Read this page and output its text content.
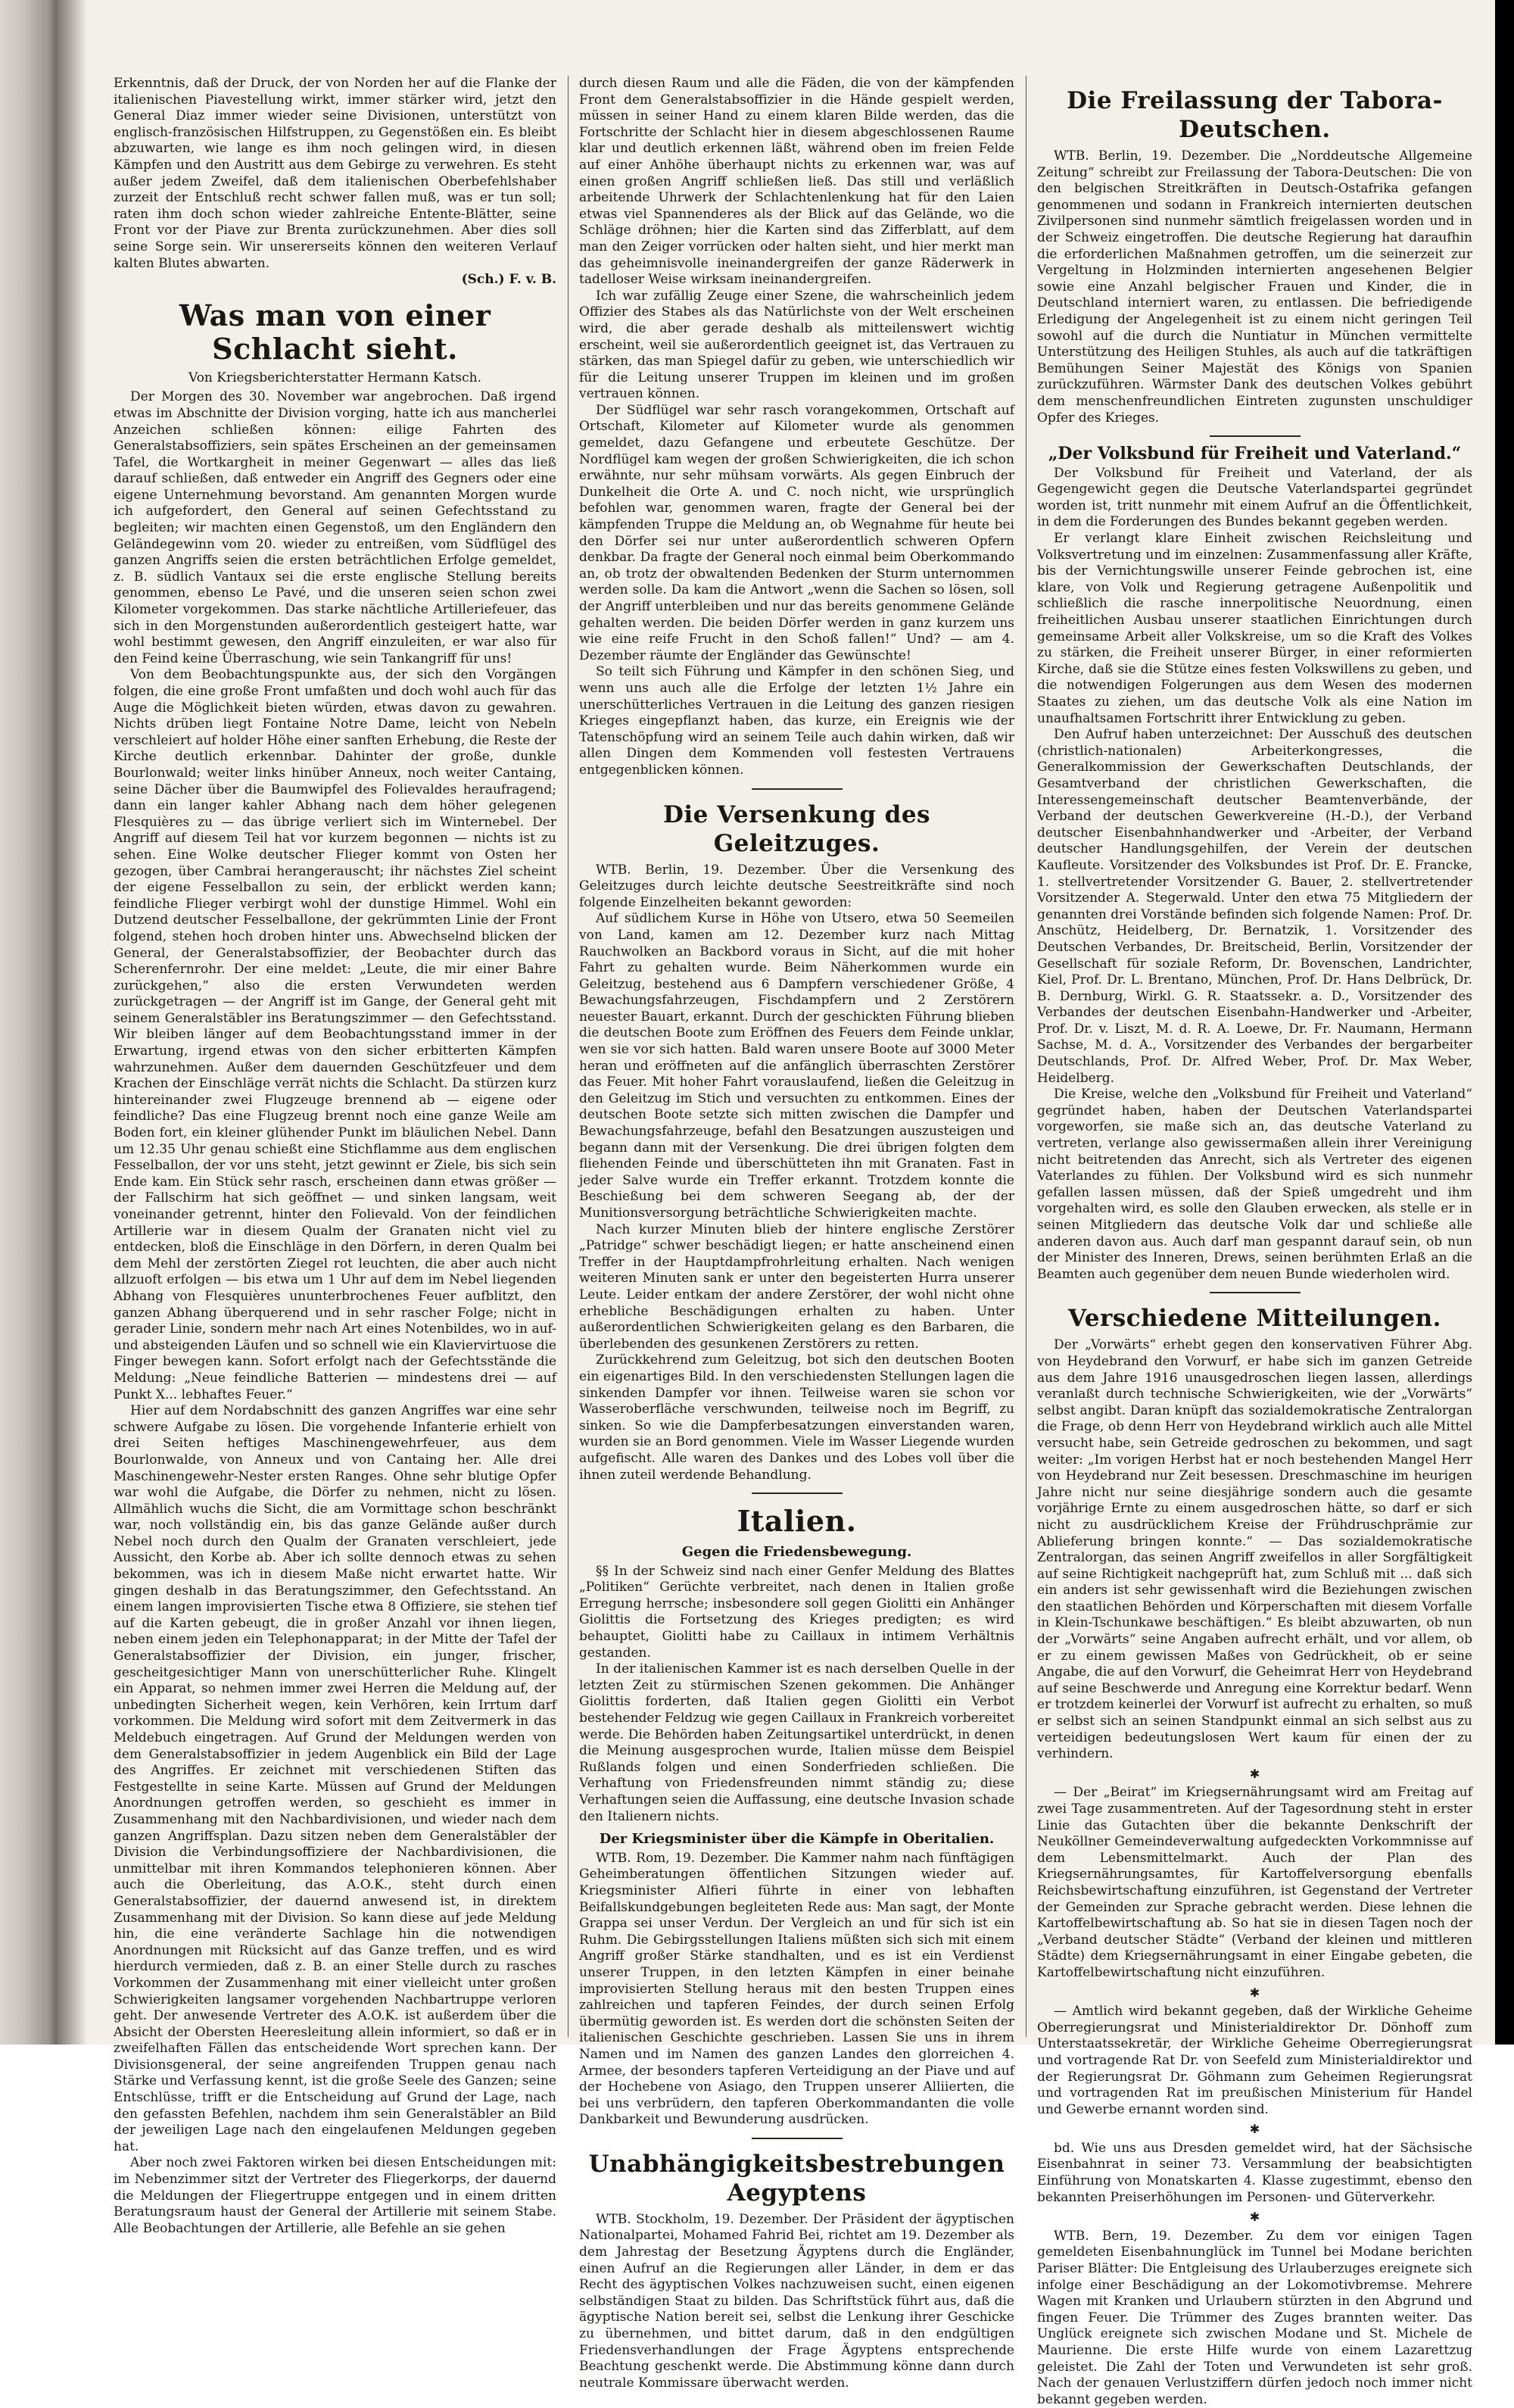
Erkenntnis, daß der Druck, der von Norden her auf die Flanke der italienischen Piavestellung wirkt, immer stärker wird, jetzt den General Diaz immer wieder seine Divisionen, unterstützt von englisch-französischen Hilfstruppen, zu Gegenstößen ein. Es bleibt abzuwarten, wie lange es ihm noch gelingen wird, in diesen Kämpfen und den Austritt aus dem Gebirge zu verwehren. Es steht außer jedem Zweifel, daß dem italienischen Oberbefehlshaber zurzeit der Entschluß recht schwer fallen muß, was er tun soll; raten ihm doch schon wieder zahlreiche Entente-Blätter, seine Front vor der Piave zur Brenta zurückzunehmen. Aber dies soll seine Sorge sein. Wir unsererseits können den weiteren Verlauf kalten Blutes abwarten.

(Sch.) F. v. B.
Was man von einer Schlacht sieht.
Von Kriegsberichterstatter Hermann Katsch.

Der Morgen des 30. November war angebrochen. Daß irgend etwas im Abschnitte der Division vorging, hatte ich aus mancherlei Anzeichen schließen können: eilige Fahrten des Generalstabsoffiziers, sein spätes Erscheinen an der gemeinsamen Tafel, die Wortkargheit in meiner Gegenwart — alles das ließ darauf schließen, daß entweder ein Angriff des Gegners oder eine eigene Unternehmung bevorstand. Am genannten Morgen wurde ich aufgefordert, den General auf seinen Gefechtsstand zu begleiten; wir machten einen Gegenstoß, um den Engländern den Geländegewinn vom 20. wieder zu entreißen, vom Südflügel des ganzen Angriffs seien die ersten beträchtlichen Erfolge gemeldet, z. B. südlich Vantaux sei die erste englische Stellung bereits genommen, ebenso Le Pavé, und die unseren seien schon zwei Kilometer vorgekommen. Das starke nächtliche Artilleriefeuer, das sich in den Morgenstunden außerordentlich gesteigert hatte, war wohl bestimmt gewesen, den Angriff einzuleiten, er war also für den Feind keine Überraschung, wie sein Tankangriff für uns!

Von dem Beobachtungspunkte aus, der sich den Vorgängen folgen, die eine große Front umfaßten und doch wohl auch für das Auge die Möglichkeit bieten würden, etwas davon zu gewahren. Nichts drüben liegt Fontaine Notre Dame, leicht von Nebeln verschleiert auf holder Höhe einer sanften Erhebung, die Reste der Kirche deutlich erkennbar. Dahinter der große, dunkle Bourlonwald; weiter links hinüber Anneux, noch weiter Cantaing, seine Dächer über die Baumwipfel des Folievaldes heraufragend; dann ein langer kahler Abhang nach dem höher gelegenen Flesquières zu — das übrige verliert sich im Winternebel. Der Angriff auf diesem Teil hat vor kurzem begonnen — nichts ist zu sehen. Eine Wolke deutscher Flieger kommt von Osten her gezogen, über Cambrai herangerauscht; ihr nächstes Ziel scheint der eigene Fesselballon zu sein, der erblickt werden kann; feindliche Flieger verbirgt wohl der dunstige Himmel. Wohl ein Dutzend deutscher Fesselballone, der gekrümmten Linie der Front folgend, stehen hoch droben hinter uns. Abwechselnd blicken der General, der Generalstabsoffizier, der Beobachter durch das Scherenfernrohr. Der eine meldet: „Leute, die mir einer Bahre zurückgehen,“ also die ersten Verwundeten werden zurückgetragen — der Angriff ist im Gange, der General geht mit seinem Generalstäbler ins Beratungszimmer — den Gefechtsstand. Wir bleiben länger auf dem Beobachtungsstand immer in der Erwartung, irgend etwas von den sicher erbitterten Kämpfen wahrzunehmen. Außer dem dauernden Geschützfeuer und dem Krachen der Einschläge verrät nichts die Schlacht. Da stürzen kurz hintereinander zwei Flugzeuge brennend ab — eigene oder feindliche? Das eine Flugzeug brennt noch eine ganze Weile am Boden fort, ein kleiner glühender Punkt im bläulichen Nebel. Dann um 12.35 Uhr genau schießt eine Stichflamme aus dem englischen Fesselballon, der vor uns steht, jetzt gewinnt er Ziele, bis sich sein Ende kam. Ein Stück sehr rasch, erscheinen dann etwas größer — der Fallschirm hat sich geöffnet — und sinken langsam, weit voneinander getrennt, hinter den Folievald. Von der feindlichen Artillerie war in diesem Qualm der Granaten nicht viel zu entdecken, bloß die Einschläge in den Dörfern, in deren Qualm bei dem Mehl der zerstörten Ziegel rot leuchten, die aber auch nicht allzuoft erfolgen — bis etwa um 1 Uhr auf dem im Nebel liegenden Abhang von Flesquières ununterbrochenes Feuer aufblitzt, den ganzen Abhang überquerend und in sehr rascher Folge; nicht in gerader Linie, sondern mehr nach Art eines Notenbildes, wo in auf- und absteigenden Läufen und so schnell wie ein Klaviervirtuose die Finger bewegen kann. Sofort erfolgt nach der Gefechtsstände die Meldung: „Neue feindliche Batterien — mindestens drei — auf Punkt X... lebhaftes Feuer.“

Hier auf dem Nordabschnitt des ganzen Angriffes war eine sehr schwere Aufgabe zu lösen. Die vorgehende Infanterie erhielt von drei Seiten heftiges Maschinengewehrfeuer, aus dem Bourlonwalde, von Anneux und von Cantaing her. Alle drei Maschinengewehr-Nester ersten Ranges. Ohne sehr blutige Opfer war wohl die Aufgabe, die Dörfer zu nehmen, nicht zu lösen. Allmählich wuchs die Sicht, die am Vormittage schon beschränkt war, noch vollständig ein, bis das ganze Gelände außer durch Nebel noch durch den Qualm der Granaten verschleiert, jede Aussicht, den Korbe ab. Aber ich sollte dennoch etwas zu sehen bekommen, was ich in diesem Maße nicht erwartet hatte. Wir gingen deshalb in das Beratungszimmer, den Gefechtsstand. An einem langen improvisierten Tische etwa 8 Offiziere, sie stehen tief auf die Karten gebeugt, die in großer Anzahl vor ihnen liegen, neben einem jeden ein Telephonapparat; in der Mitte der Tafel der Generalstabsoffizier der Division, ein junger, frischer, gescheitgesichtiger Mann von unerschütterlicher Ruhe. Klingelt ein Apparat, so nehmen immer zwei Herren die Meldung auf, der unbedingten Sicherheit wegen, kein Verhören, kein Irrtum darf vorkommen. Die Meldung wird sofort mit dem Zeitvermerk in das Meldebuch eingetragen. Auf Grund der Meldungen werden von dem Generalstabsoffizier in jedem Augenblick ein Bild der Lage des Angriffes. Er zeichnet mit verschiedenen Stiften das Festgestellte in seine Karte. Müssen auf Grund der Meldungen Anordnungen getroffen werden, so geschieht es immer in Zusammenhang mit den Nachbardivisionen, und wieder nach dem ganzen Angriffsplan. Dazu sitzen neben dem Generalstäbler der Division die Verbindungsoffiziere der Nachbardivisionen, die unmittelbar mit ihren Kommandos telephonieren können. Aber auch die Oberleitung, das A.O.K., steht durch einen Generalstabsoffizier, der dauernd anwesend ist, in direktem Zusammenhang mit der Division. So kann diese auf jede Meldung hin, die eine veränderte Sachlage hin die notwendigen Anordnungen mit Rücksicht auf das Ganze treffen, und es wird hierdurch vermieden, daß z. B. an einer Stelle durch zu rasches Vorkommen der Zusammenhang mit einer vielleicht unter großen Schwierigkeiten langsamer vorgehenden Nachbartruppe verloren geht. Der anwesende Vertreter des A.O.K. ist außerdem über die Absicht der Obersten Heeresleitung allein informiert, so daß er in zweifelhaften Fällen das entscheidende Wort sprechen kann. Der Divisionsgeneral, der seine angreifenden Truppen genau nach Stärke und Verfassung kennt, ist die große Seele des Ganzen; seine Entschlüsse, trifft er die Entscheidung auf Grund der Lage, nach den gefassten Befehlen, nachdem ihm sein Generalstäbler an Bild der jeweiligen Lage nach den eingelaufenen Meldungen gegeben hat.

Aber noch zwei Faktoren wirken bei diesen Entscheidungen mit: im Nebenzimmer sitzt der Vertreter des Fliegerkorps, der dauernd die Meldungen der Fliegertruppe entgegen und in einem dritten Beratungsraum haust der General der Artillerie mit seinem Stabe. Alle Beobachtungen der Artillerie, alle Befehle an sie gehen

durch diesen Raum und alle die Fäden, die von der kämpfenden Front dem Generalstabsoffizier in die Hände gespielt werden, müssen in seiner Hand zu einem klaren Bilde werden, das die Fortschritte der Schlacht hier in diesem abgeschlossenen Raume klar und deutlich erkennen läßt, während oben im freien Felde auf einer Anhöhe überhaupt nichts zu erkennen war, was auf einen großen Angriff schließen ließ. Das still und verläßlich arbeitende Uhrwerk der Schlachtenlenkung hat für den Laien etwas viel Spannenderes als der Blick auf das Gelände, wo die Schläge dröhnen; hier die Karten sind das Zifferblatt, auf dem man den Zeiger vorrücken oder halten sieht, und hier merkt man das geheimnisvolle ineinandergreifen der ganze Räderwerk in tadelloser Weise wirksam ineinandergreifen.

Ich war zufällig Zeuge einer Szene, die wahrscheinlich jedem Offizier des Stabes als das Natürlichste von der Welt erscheinen wird, die aber gerade deshalb als mitteilenswert wichtig erscheint, weil sie außerordentlich geeignet ist, das Vertrauen zu stärken, das man Spiegel dafür zu geben, wie unterschiedlich wir für die Leitung unserer Truppen im kleinen und im großen vertrauen können.

Der Südflügel war sehr rasch vorangekommen, Ortschaft auf Ortschaft, Kilometer auf Kilometer wurde als genommen gemeldet, dazu Gefangene und erbeutete Geschütze. Der Nordflügel kam wegen der großen Schwierigkeiten, die ich schon erwähnte, nur sehr mühsam vorwärts. Als gegen Einbruch der Dunkelheit die Orte A. und C. noch nicht, wie ursprünglich befohlen war, genommen waren, fragte der General bei der kämpfenden Truppe die Meldung an, ob Wegnahme für heute bei den Dörfer sei nur unter außerordentlich schweren Opfern denkbar. Da fragte der General noch einmal beim Oberkommando an, ob trotz der obwaltenden Bedenken der Sturm unternommen werden solle. Da kam die Antwort „wenn die Sachen so lösen, soll der Angriff unterbleiben und nur das bereits genommene Gelände gehalten werden. Die beiden Dörfer werden in ganz kurzem uns wie eine reife Frucht in den Schoß fallen!“ Und? — am 4. Dezember räumte der Engländer das Gewünschte!

So teilt sich Führung und Kämpfer in den schönen Sieg, und wenn uns auch alle die Erfolge der letzten 1½ Jahre ein unerschütterliches Vertrauen in die Leitung des ganzen riesigen Krieges eingepflanzt haben, das kurze, ein Ereignis wie der Tatenschöpfung wird an seinem Teile auch dahin wirken, daß wir allen Dingen dem Kommenden voll festesten Vertrauens entgegenblicken können.

Die Versenkung des Geleitzuges.

WTB. Berlin, 19. Dezember. Über die Versenkung des Geleitzuges durch leichte deutsche Seestreitkräfte sind noch folgende Einzelheiten bekannt geworden:

Auf südlichem Kurse in Höhe von Utsero, etwa 50 Seemeilen von Land, kamen am 12. Dezember kurz nach Mittag Rauchwolken an Backbord voraus in Sicht, auf die mit hoher Fahrt zu gehalten wurde. Beim Näherkommen wurde ein Geleitzug, bestehend aus 6 Dampfern verschiedener Größe, 4 Bewachungsfahrzeugen, Fischdampfern und 2 Zerstörern neuester Bauart, erkannt. Durch der geschickten Führung blieben die deutschen Boote zum Eröffnen des Feuers dem Feinde unklar, wen sie vor sich hatten. Bald waren unsere Boote auf 3000 Meter heran und eröffneten auf die anfänglich überraschten Zerstörer das Feuer. Mit hoher Fahrt vorauslaufend, ließen die Geleitzug in den Geleitzug im Stich und versuchten zu entkommen. Eines der deutschen Boote setzte sich mitten zwischen die Dampfer und Bewachungsfahrzeuge, befahl den Besatzungen auszusteigen und begann dann mit der Versenkung. Die drei übrigen folgten dem fliehenden Feinde und überschütteten ihn mit Granaten. Fast in jeder Salve wurde ein Treffer erkannt. Trotzdem konnte die Beschießung bei dem schweren Seegang ab, der der Munitionsversorgung beträchtliche Schwierigkeiten machte.

Nach kurzer Minuten blieb der hintere englische Zerstörer „Patridge“ schwer beschädigt liegen; er hatte anscheinend einen Treffer in der Hauptdampfrohrleitung erhalten. Nach wenigen weiteren Minuten sank er unter den begeisterten Hurra unserer Leute. Leider entkam der andere Zerstörer, der wohl nicht ohne erhebliche Beschädigungen erhalten zu haben. Unter außerordentlichen Schwierigkeiten gelang es den Barbaren, die überlebenden des gesunkenen Zerstörers zu retten.

Zurückkehrend zum Geleitzug, bot sich den deutschen Booten ein eigenartiges Bild. In den verschiedensten Stellungen lagen die sinkenden Dampfer vor ihnen. Teilweise waren sie schon vor Wasseroberfläche verschwunden, teilweise noch im Begriff, zu sinken. So wie die Dampferbesatzungen einverstanden waren, wurden sie an Bord genommen. Viele im Wasser Liegende wurden aufgefischt. Alle waren des Dankes und des Lobes voll über die ihnen zuteil werdende Behandlung.

Italien.
Gegen die Friedensbewegung.

§§ In der Schweiz sind nach einer Genfer Meldung des Blattes „Politiken“ Gerüchte verbreitet, nach denen in Italien große Erregung herrsche; insbesondere soll gegen Giolitti ein Anhänger Giolittis die Fortsetzung des Krieges predigten; es wird behauptet, Giolitti habe zu Caillaux in intimem Verhältnis gestanden.

In der italienischen Kammer ist es nach derselben Quelle in der letzten Zeit zu stürmischen Szenen gekommen. Die Anhänger Giolittis forderten, daß Italien gegen Giolitti ein Verbot bestehender Feldzug wie gegen Caillaux in Frankreich vorbereitet werde. Die Behörden haben Zeitungsartikel unterdrückt, in denen die Meinung ausgesprochen wurde, Italien müsse dem Beispiel Rußlands folgen und einen Sonderfrieden schließen. Die Verhaftung von Friedensfreunden nimmt ständig zu; diese Verhaftungen seien die Auffassung, eine deutsche Invasion schade den Italienern nichts.

Der Kriegsminister über die Kämpfe in Oberitalien.

WTB. Rom, 19. Dezember. Die Kammer nahm nach fünftägigen Geheimberatungen öffentlichen Sitzungen wieder auf. Kriegsminister Alfieri führte in einer von lebhaften Beifallskundgebungen begleiteten Rede aus: Man sagt, der Monte Grappa sei unser Verdun. Der Vergleich an und für sich ist ein Ruhm. Die Gebirgsstellungen Italiens müßten sich sich mit einem Angriff großer Stärke standhalten, und es ist ein Verdienst unserer Truppen, in den letzten Kämpfen in einer beinahe improvisierten Stellung heraus mit den besten Truppen eines zahlreichen und tapferen Feindes, der durch seinen Erfolg übermütig geworden ist. Es werden dort die schönsten Seiten der italienischen Geschichte geschrieben. Lassen Sie uns in ihrem Namen und im Namen des ganzen Landes den glorreichen 4. Armee, der besonders tapferen Verteidigung an der Piave und auf der Hochebene von Asiago, den Truppen unserer Alliierten, die bei uns verbrüdern, den tapferen Oberkommandanten die volle Dankbarkeit und Bewunderung ausdrücken.

Unabhängigkeitsbestrebungen Aegyptens

WTB. Stockholm, 19. Dezember. Der Präsident der ägyptischen Nationalpartei, Mohamed Fahrid Bei, richtet am 19. Dezember als dem Jahrestag der Besetzung Ägyptens durch die Engländer, einen Aufruf an die Regierungen aller Länder, in dem er das Recht des ägyptischen Volkes nachzuweisen sucht, einen eigenen selbständigen Staat zu bilden. Das Schriftstück führt aus, daß die ägyptische Nation bereit sei, selbst die Lenkung ihrer Geschicke zu übernehmen, und bittet darum, daß in den endgültigen Friedensverhandlungen der Frage Ägyptens entsprechende Beachtung geschenkt werde. Die Abstimmung könne dann durch neutrale Kommissare überwacht werden.

Die Freilassung der Tabora-Deutschen.

WTB. Berlin, 19. Dezember. Die „Norddeutsche Allgemeine Zeitung“ schreibt zur Freilassung der Tabora-Deutschen: Die von den belgischen Streitkräften in Deutsch-Ostafrika gefangen genommenen und sodann in Frankreich internierten deutschen Zivilpersonen sind nunmehr sämtlich freigelassen worden und in der Schweiz eingetroffen. Die deutsche Regierung hat daraufhin die erforderlichen Maßnahmen getroffen, um die seinerzeit zur Vergeltung in Holzminden internierten angesehenen Belgier sowie eine Anzahl belgischer Frauen und Kinder, die in Deutschland interniert waren, zu entlassen. Die befriedigende Erledigung der Angelegenheit ist zu einem nicht geringen Teil sowohl auf die durch die Nuntiatur in München vermittelte Unterstützung des Heiligen Stuhles, als auch auf die tatkräftigen Bemühungen Seiner Majestät des Königs von Spanien zurückzuführen. Wärmster Dank des deutschen Volkes gebührt dem menschenfreundlichen Eintreten zugunsten unschuldiger Opfer des Krieges.

„Der Volksbund für Freiheit und Vaterland.“

Der Volksbund für Freiheit und Vaterland, der als Gegengewicht gegen die Deutsche Vaterlandspartei gegründet worden ist, tritt nunmehr mit einem Aufruf an die Öffentlichkeit, in dem die Forderungen des Bundes bekannt gegeben werden.

Er verlangt klare Einheit zwischen Reichsleitung und Volksvertretung und im einzelnen: Zusammenfassung aller Kräfte, bis der Vernichtungswille unserer Feinde gebrochen ist, eine klare, von Volk und Regierung getragene Außenpolitik und schließlich die rasche innerpolitische Neuordnung, einen freiheitlichen Ausbau unserer staatlichen Einrichtungen durch gemeinsame Arbeit aller Volkskreise, um so die Kraft des Volkes zu stärken, die Freiheit unserer Bürger, in einer reformierten Kirche, daß sie die Stütze eines festen Volkswillens zu geben, und die notwendigen Folgerungen aus dem Wesen des modernen Staates zu ziehen, um das deutsche Volk als eine Nation im unaufhaltsamen Fortschritt ihrer Entwicklung zu geben.

Den Aufruf haben unterzeichnet: Der Ausschuß des deutschen (christlich-nationalen) Arbeiterkongresses, die Generalkommission der Gewerkschaften Deutschlands, der Gesamtverband der christlichen Gewerkschaften, die Interessengemeinschaft deutscher Beamtenverbände, der Verband der deutschen Gewerkvereine (H.-D.), der Verband deutscher Eisenbahnhandwerker und -Arbeiter, der Verband deutscher Handlungsgehilfen, der Verein der deutschen Kaufleute. Vorsitzender des Volksbundes ist Prof. Dr. E. Francke, 1. stellvertretender Vorsitzender G. Bauer, 2. stellvertretender Vorsitzender A. Stegerwald. Unter den etwa 75 Mitgliedern der genannten drei Vorstände befinden sich folgende Namen: Prof. Dr. Anschütz, Heidelberg, Dr. Bernatzik, 1. Vorsitzender des Deutschen Verbandes, Dr. Breitscheid, Berlin, Vorsitzender der Gesellschaft für soziale Reform, Dr. Bovenschen, Landrichter, Kiel, Prof. Dr. L. Brentano, München, Prof. Dr. Hans Delbrück, Dr. B. Dernburg, Wirkl. G. R. Staatssekr. a. D., Vorsitzender des Verbandes der deutschen Eisenbahn-Handwerker und -Arbeiter, Prof. Dr. v. Liszt, M. d. R. A. Loewe, Dr. Fr. Naumann, Hermann Sachse, M. d. A., Vorsitzender des Verbandes der bergarbeiter Deutschlands, Prof. Dr. Alfred Weber, Prof. Dr. Max Weber, Heidelberg.

Die Kreise, welche den „Volksbund für Freiheit und Vaterland“ gegründet haben, haben der Deutschen Vaterlandspartei vorgeworfen, sie maße sich an, das deutsche Vaterland zu vertreten, verlange also gewissermaßen allein ihrer Vereinigung nicht beitretenden das Anrecht, sich als Vertreter des eigenen Vaterlandes zu fühlen. Der Volksbund wird es sich nunmehr gefallen lassen müssen, daß der Spieß umgedreht und ihm vorgehalten wird, es solle den Glauben erwecken, als stelle er in seinen Mitgliedern das deutsche Volk dar und schließe alle anderen davon aus. Auch darf man gespannt darauf sein, ob nun der Minister des Inneren, Drews, seinen berühmten Erlaß an die Beamten auch gegenüber dem neuen Bunde wiederholen wird.

Verschiedene Mitteilungen.

Der „Vorwärts“ erhebt gegen den konservativen Führer Abg. von Heydebrand den Vorwurf, er habe sich im ganzen Getreide aus dem Jahre 1916 unausgedroschen liegen lassen, allerdings veranlaßt durch technische Schwierigkeiten, wie der „Vorwärts“ selbst angibt. Daran knüpft das sozialdemokratische Zentralorgan die Frage, ob denn Herr von Heydebrand wirklich auch alle Mittel versucht habe, sein Getreide gedroschen zu bekommen, und sagt weiter: „Im vorigen Herbst hat er noch bestehenden Mangel Herr von Heydebrand nur Zeit besessen. Dreschmaschine im heurigen Jahre nicht nur seine diesjährige sondern auch die gesamte vorjährige Ernte zu einem ausgedroschen hätte, so darf er sich nicht zu ausdrücklichem Kreise der Frühdruschprämie zur Ablieferung bringen konnte.“ — Das sozialdemokratische Zentralorgan, das seinen Angriff zweifellos in aller Sorgfältigkeit auf seine Richtigkeit nachgeprüft hat, zum Schluß mit ... daß sich ein anders ist sehr gewissenhaft wird die Beziehungen zwischen den staatlichen Behörden und Körperschaften mit diesem Vorfalle in Klein-Tschunkawe beschäftigen.“ Es bleibt abzuwarten, ob nun der „Vorwärts“ seine Angaben aufrecht erhält, und vor allem, ob er zu einem gewissen Maßes von Gedrückheit, ob er seine Angabe, die auf den Vorwurf, die Geheimrat Herr von Heydebrand auf seine Beschwerde und Anregung eine Korrektur bedarf. Wenn er trotzdem keinerlei der Vorwurf ist aufrecht zu erhalten, so muß er selbst sich an seinen Standpunkt einmal an sich selbst aus zu verteidigen bedeutungslosen Wert kaum für einen der zu verhindern.

✱

— Der „Beirat“ im Kriegsernährungsamt wird am Freitag auf zwei Tage zusammentreten. Auf der Tagesordnung steht in erster Linie das Gutachten über die bekannte Denkschrift der Neuköllner Gemeindeverwaltung aufgedeckten Vorkommnisse auf dem Lebensmittelmarkt. Auch der Plan des Kriegsernährungsamtes, für Kartoffelversorgung ebenfalls Reichsbewirtschaftung einzuführen, ist Gegenstand der Vertreter der Gemeinden zur Sprache gebracht werden. Diese lehnen die Kartoffelbewirtschaftung ab. So hat sie in diesen Tagen noch der „Verband deutscher Städte“ (Verband der kleinen und mittleren Städte) dem Kriegsernährungsamt in einer Eingabe gebeten, die Kartoffelbewirtschaftung nicht einzuführen.

✱

— Amtlich wird bekannt gegeben, daß der Wirkliche Geheime Oberregierungsrat und Ministerialdirektor Dr. Dönhoff zum Unterstaatssekretär, der Wirkliche Geheime Oberregierungsrat und vortragende Rat Dr. von Seefeld zum Ministerialdirektor und der Regierungsrat Dr. Göhmann zum Geheimen Regierungsrat und vortragenden Rat im preußischen Ministerium für Handel und Gewerbe ernannt worden sind.

✱

bd. Wie uns aus Dresden gemeldet wird, hat der Sächsische Eisenbahnrat in seiner 73. Versammlung der beabsichtigten Einführung von Monatskarten 4. Klasse zugestimmt, ebenso den bekannten Preiserhöhungen im Personen- und Güterverkehr.

✱

WTB. Bern, 19. Dezember. Zu dem vor einigen Tagen gemeldeten Eisenbahnunglück im Tunnel bei Modane berichten Pariser Blätter: Die Entgleisung des Urlauberzuges ereignete sich infolge einer Beschädigung an der Lokomotivbremse. Mehrere Wagen mit Kranken und Urlaubern stürzten in den Abgrund und fingen Feuer. Die Trümmer des Zuges brannten weiter. Das Unglück ereignete sich zwischen Modane und St. Michele de Maurienne. Die erste Hilfe wurde von einem Lazarettzug geleistet. Die Zahl der Toten und Verwundeten ist sehr groß. Nach der genauen Verlustziffern dürfen jedoch noch immer nicht bekannt gegeben werden.
